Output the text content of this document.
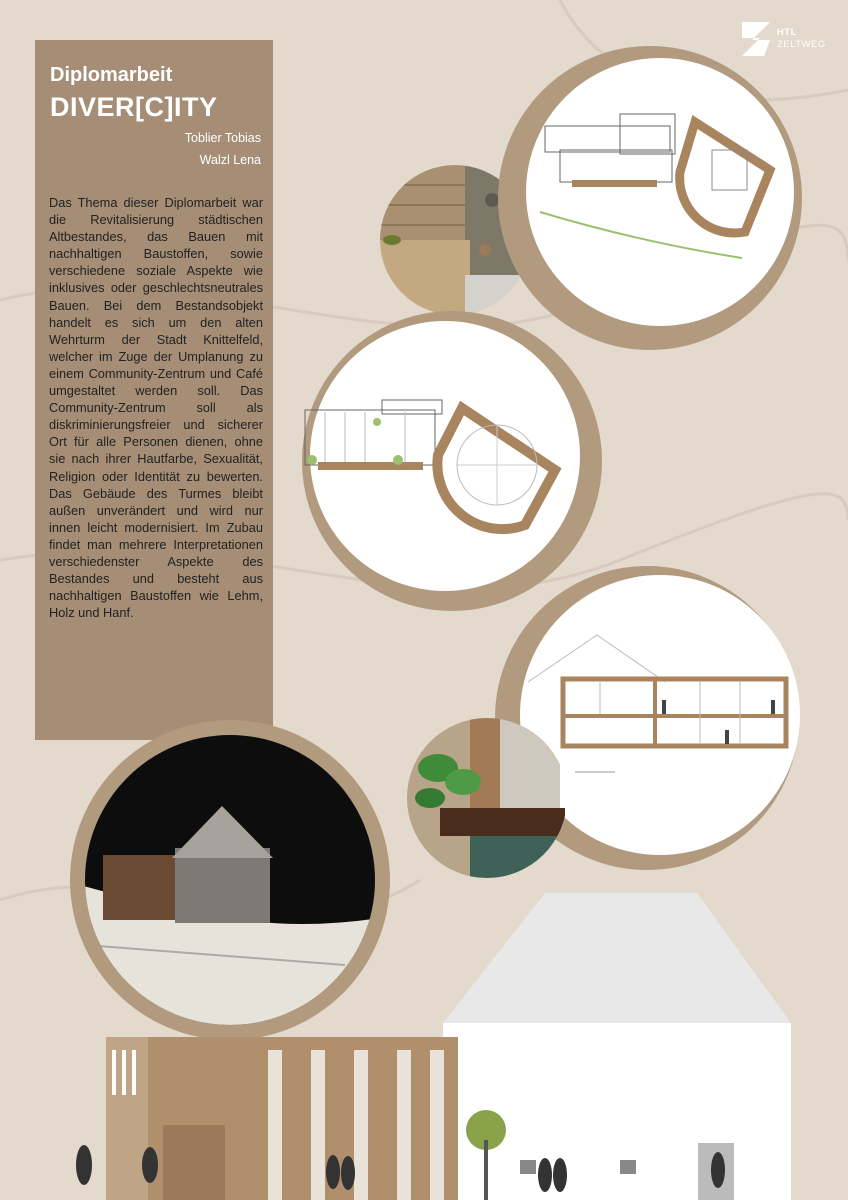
Diplomarbeit
DIVER[C]ITY
Toblier Tobias
Walzl Lena
Das Thema dieser Diplomarbeit war die Revitalisierung städtischen Altbestandes, das Bauen mit nachhaltigen Baustoffen, sowie verschiedene soziale Aspekte wie inklusives oder geschlechtsneutrales Bauen. Bei dem Bestandsobjekt handelt es sich um den alten Wehrturm der Stadt Knittelfeld, welcher im Zuge der Umplanung zu einem Community-Zentrum und Café umgestaltet werden soll. Das Community-Zentrum soll als diskriminierungsfreier und sicherer Ort für alle Personen dienen, ohne sie nach ihrer Hautfarbe, Sexualität, Religion oder Identität zu bewerten. Das Gebäude des Turmes bleibt außen unverändert und wird nur innen leicht modernisiert. Im Zubau findet man mehrere Interpretationen verschiedenster Aspekte des Bestandes und besteht aus nachhaltigen Baustoffen wie Lehm, Holz und Hanf.
HTL
ZELTWEG
